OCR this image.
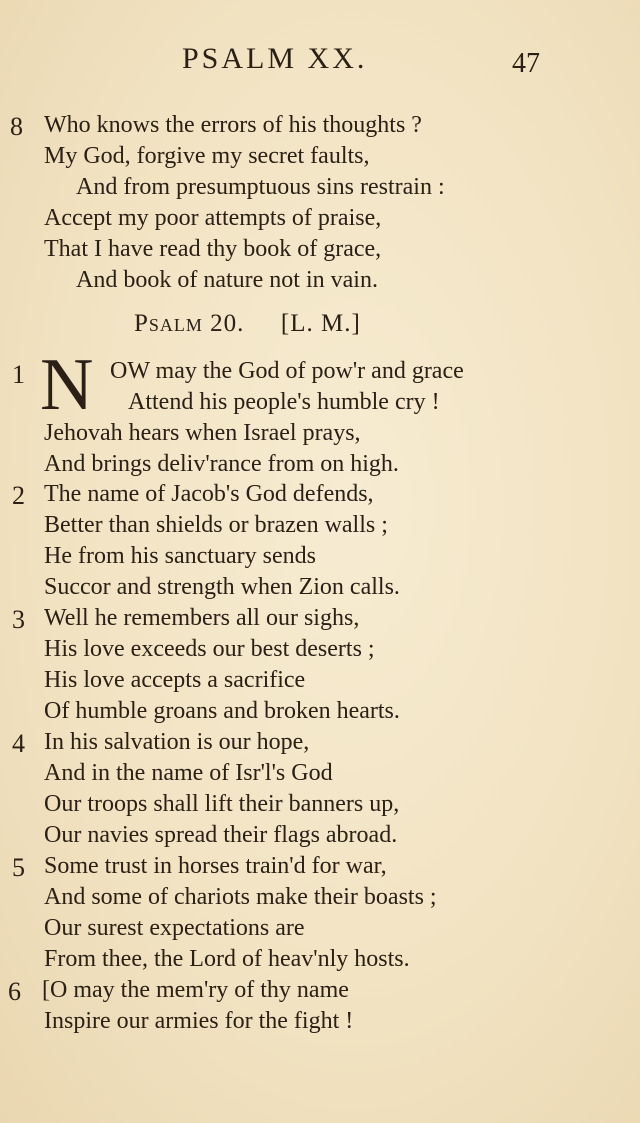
PSALM XX.	47
8 Who knows the errors of his thoughts ?
My God, forgive my secret faults,
And from presumptuous sins restrain :
Accept my poor attempts of praise,
That I have read thy book of grace,
And book of nature not in vain.
Psalm 20. [L. M.]
1 N OW may the God of pow'r and grace
Attend his people's humble cry !
Jehovah hears when Israel prays,
And brings deliv'rance from on high.
2 The name of Jacob's God defends,
Better than shields or brazen walls ;
He from his sanctuary sends
Succor and strength when Zion calls.
3 Well he remembers all our sighs,
His love exceeds our best deserts ;
His love accepts a sacrifice
Of humble groans and broken hearts.
4 In his salvation is our hope,
And in the name of Isr'l's God
Our troops shall lift their banners up,
Our navies spread their flags abroad.
5 Some trust in horses train'd for war,
And some of chariots make their boasts ;
Our surest expectations are
From thee, the Lord of heav'nly hosts.
6 [O may the mem'ry of thy name
Inspire our armies for the fight !
